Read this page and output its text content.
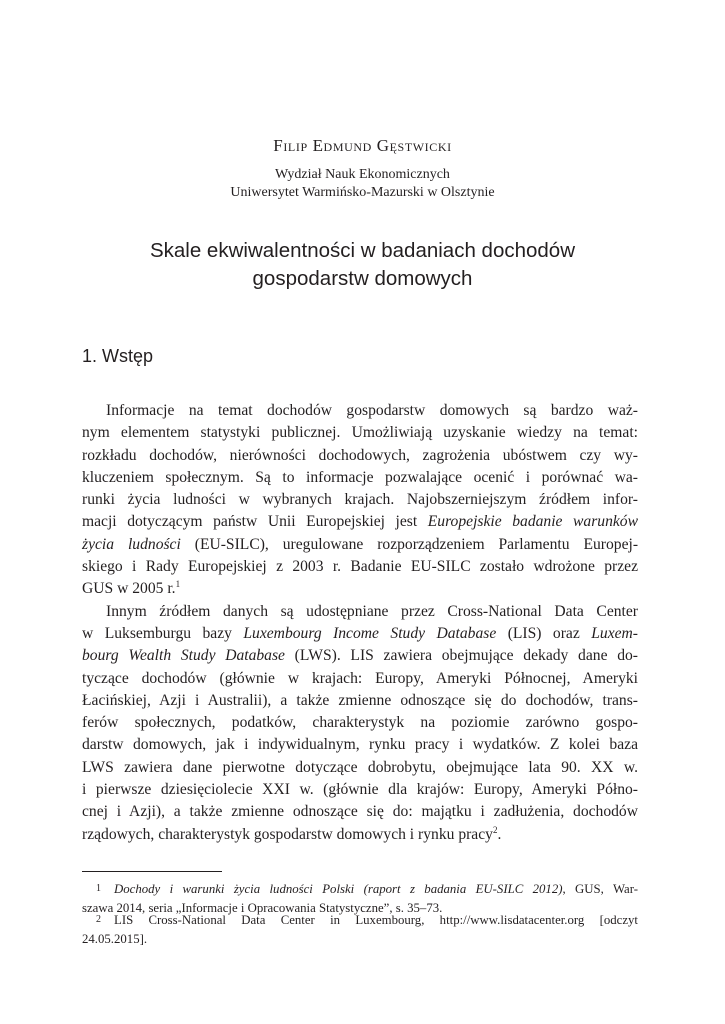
Filip Edmund Gęstwicki
Wydział Nauk Ekonomicznych
Uniwersytet Warmińsko-Mazurski w Olsztynie
Skale ekwiwalentności w badaniach dochodów
gospodarstw domowych
1. Wstęp
Informacje na temat dochodów gospodarstw domowych są bardzo waż-
nym elementem statystyki publicznej. Umożliwiają uzyskanie wiedzy na temat:
rozkładu dochodów, nierówności dochodowych, zagrożenia ubóstwem czy wy-
kluczeniem społecznym. Są to informacje pozwalające ocenić i porównać wa-
runki życia ludności w wybranych krajach. Najobszerniejszym źródłem infor-
macji dotyczącym państw Unii Europejskiej jest Europejskie badanie warunków
życia ludności (EU-SILC), uregulowane rozporządzeniem Parlamentu Europej-
skiego i Rady Europejskiej z 2003 r. Badanie EU-SILC zostało wdrożone przez
GUS w 2005 r.$^1$
Innym źródłem danych są udostępniane przez Cross-National Data Center
w Luksemburgu bazy Luxembourg Income Study Database (LIS) oraz Luxem-
bourg Wealth Study Database (LWS). LIS zawiera obejmujące dekady dane do-
tyczące dochodów (głównie w krajach: Europy, Ameryki Północnej, Ameryki
Łacińskiej, Azji i Australii), a także zmienne odnoszące się do dochodów, trans-
ferów społecznych, podatków, charakterystyk na poziomie zarówno gospo-
darstw domowych, jak i indywidualnym, rynku pracy i wydatków. Z kolei baza
LWS zawiera dane pierwotne dotyczące dobrobytu, obejmujące lata 90. XX w.
i pierwsze dziesięciolecie XXI w. (głównie dla krajów: Europy, Ameryki Półno-
cnej i Azji), a także zmienne odnoszące się do: majątku i zadłużenia, dochodów
rządowych, charakterystyk gospodarstw domowych i rynku pracy$^2$.
1 Dochody i warunki życia ludności Polski (raport z badania EU-SILC 2012), GUS, War-
szawa 2014, seria „Informacje i Opracowania Statystyczne”, s. 35–73.
2 LIS Cross-National Data Center in Luxembourg, http://www.lisdatacenter.org [odczyt
24.05.2015].
